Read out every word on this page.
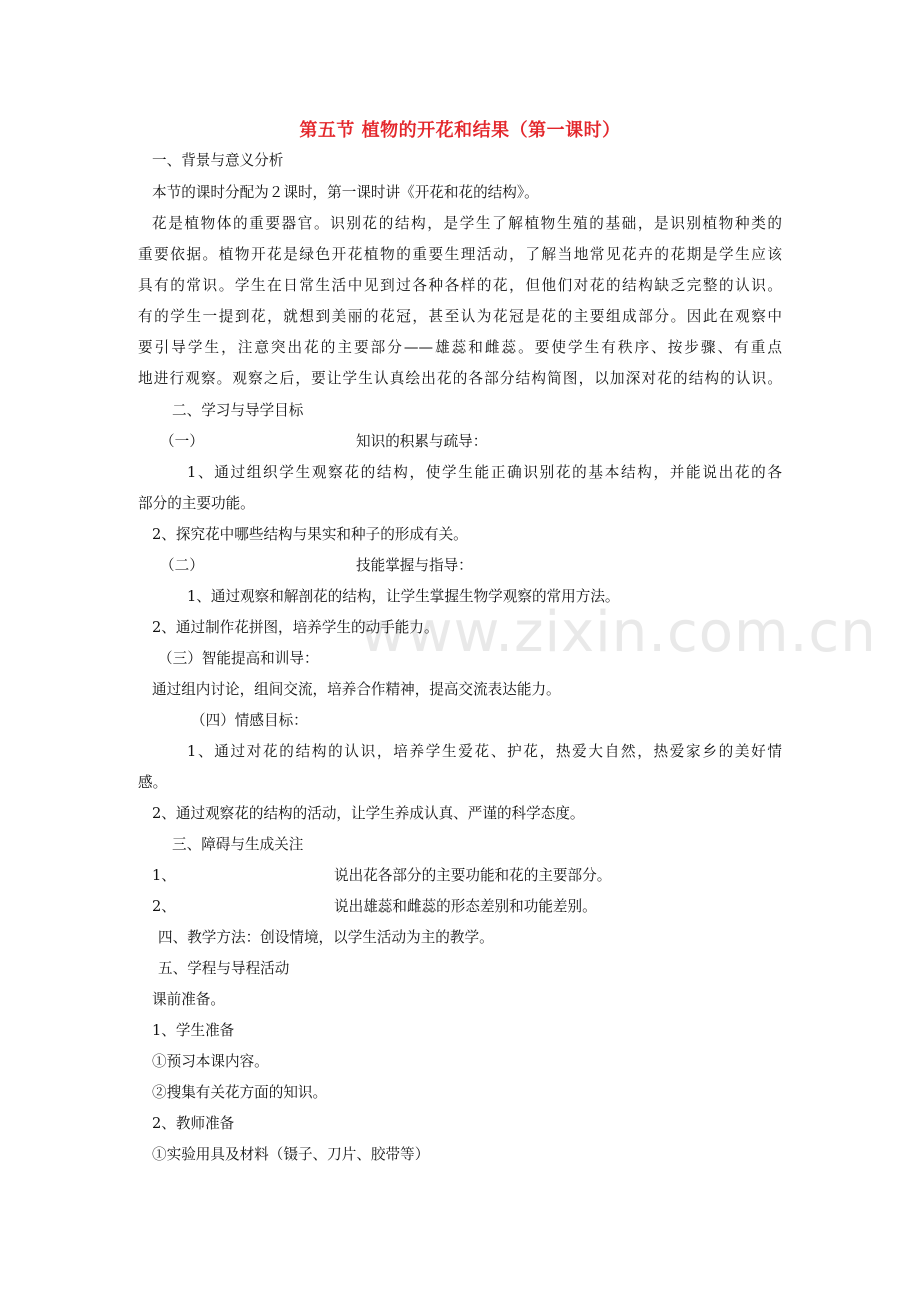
www.zixin.com.cn
第五节 植物的开花和结果（第一课时）
一、背景与意义分析
本节的课时分配为２课时，第一课时讲《开花和花的结构》。
花是植物体的重要器官。识别花的结构，是学生了解植物生殖的基础，是识别植物种类的
重要依据。植物开花是绿色开花植物的重要生理活动，了解当地常见花卉的花期是学生应该
具有的常识。学生在日常生活中见到过各种各样的花，但他们对花的结构缺乏完整的认识。
有的学生一提到花，就想到美丽的花冠，甚至认为花冠是花的主要组成部分。因此在观察中
要引导学生，注意突出花的主要部分——雄蕊和雌蕊。要使学生有秩序、按步骤、有重点
地进行观察。观察之后，要让学生认真绘出花的各部分结构简图，以加深对花的结构的认识。
二、学习与导学目标
（一）	知识的积累与疏导：
1、通过组织学生观察花的结构，使学生能正确识别花的基本结构，并能说出花的各
部分的主要功能。
2、探究花中哪些结构与果实和种子的形成有关。
（二）	技能掌握与指导：
1、通过观察和解剖花的结构，让学生掌握生物学观察的常用方法。
2、通过制作花拼图，培养学生的动手能力。
（三）智能提高和训导：
通过组内讨论，组间交流，培养合作精神，提高交流表达能力。
（四）情感目标：
1、通过对花的结构的认识，培养学生爱花、护花，热爱大自然，热爱家乡的美好情
感。
2、通过观察花的结构的活动，让学生养成认真、严谨的科学态度。
三、障碍与生成关注
1、	说出花各部分的主要功能和花的主要部分。
2、	说出雄蕊和雌蕊的形态差别和功能差别。
四、教学方法：创设情境，以学生活动为主的教学。
五、学程与导程活动
课前准备。
1、学生准备
①预习本课内容。
②搜集有关花方面的知识。
2、教师准备
①实验用具及材料（镊子、刀片、胶带等）
